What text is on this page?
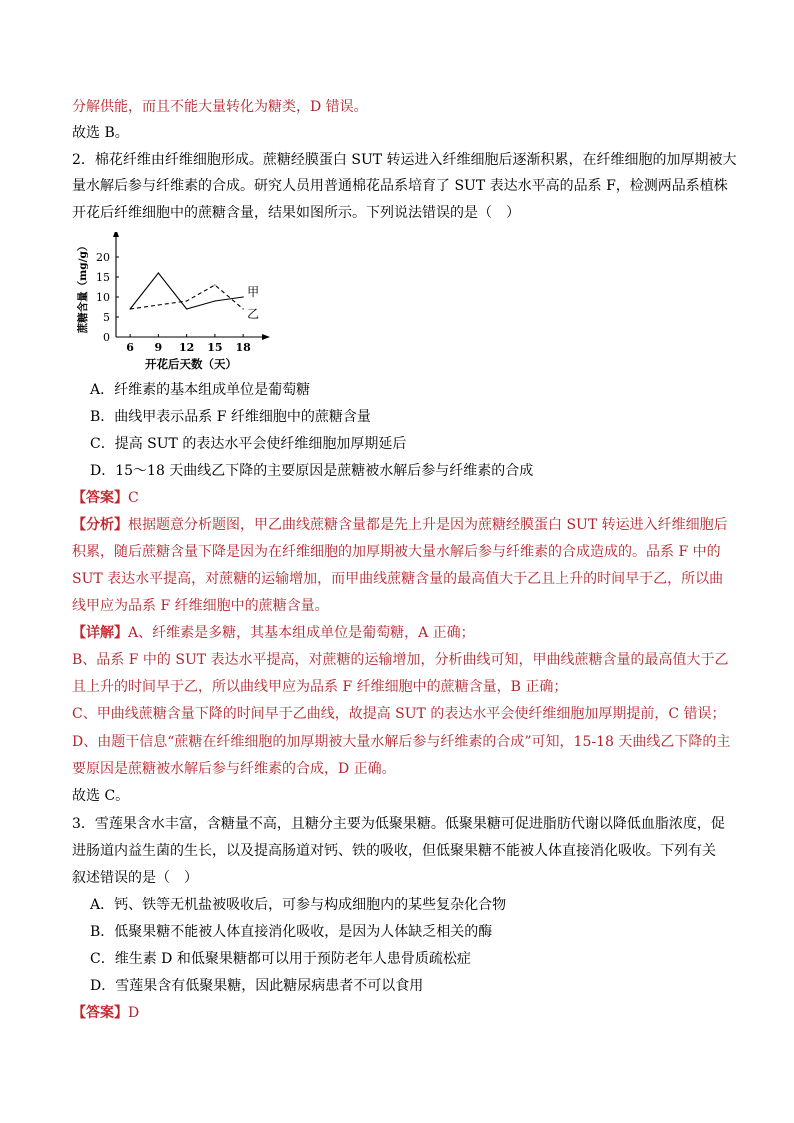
分解供能，而且不能大量转化为糖类，D 错误。
故选 B。
2．棉花纤维由纤维细胞形成。蔗糖经膜蛋白 SUT 转运进入纤维细胞后逐渐积累，在纤维细胞的加厚期被大
量水解后参与纤维素的合成。研究人员用普通棉花品系培育了 SUT 表达水平高的品系 F，检测两品系植株
开花后纤维细胞中的蔗糖含量，结果如图所示。下列说法错误的是（　）
0
5
10
15
20
6 9 12 15 18
开花后天数（天）
蔗糖含量（mg/g）	甲
乙
A．纤维素的基本组成单位是葡萄糖
B．曲线甲表示品系 F 纤维细胞中的蔗糖含量
C．提高 SUT 的表达水平会使纤维细胞加厚期延后
D．15～18 天曲线乙下降的主要原因是蔗糖被水解后参与纤维素的合成
【答案】C
【分析】根据题意分析题图，甲乙曲线蔗糖含量都是先上升是因为蔗糖经膜蛋白 SUT 转运进入纤维细胞后
积累，随后蔗糖含量下降是因为在纤维细胞的加厚期被大量水解后参与纤维素的合成造成的。品系 F 中的
SUT 表达水平提高，对蔗糖的运输增加，而甲曲线蔗糖含量的最高值大于乙且上升的时间早于乙，所以曲
线甲应为品系 F 纤维细胞中的蔗糖含量。
【详解】A、纤维素是多糖，其基本组成单位是葡萄糖，A 正确；
B、品系 F 中的 SUT 表达水平提高，对蔗糖的运输增加，分析曲线可知，甲曲线蔗糖含量的最高值大于乙
且上升的时间早于乙，所以曲线甲应为品系 F 纤维细胞中的蔗糖含量，B 正确；
C、甲曲线蔗糖含量下降的时间早于乙曲线，故提高 SUT 的表达水平会使纤维细胞加厚期提前，C 错误；
D、由题干信息“蔗糖在纤维细胞的加厚期被大量水解后参与纤维素的合成”可知，15-18 天曲线乙下降的主
要原因是蔗糖被水解后参与纤维素的合成，D 正确。
故选 C。
3．雪莲果含水丰富，含糖量不高，且糖分主要为低聚果糖。低聚果糖可促进脂肪代谢以降低血脂浓度，促
进肠道内益生菌的生长，以及提高肠道对钙、铁的吸收，但低聚果糖不能被人体直接消化吸收。下列有关
叙述错误的是（　）
A．钙、铁等无机盐被吸收后，可参与构成细胞内的某些复杂化合物
B．低聚果糖不能被人体直接消化吸收，是因为人体缺乏相关的酶
C．维生素 D 和低聚果糖都可以用于预防老年人患骨质疏松症
D．雪莲果含有低聚果糖，因此糖尿病患者不可以食用
【答案】D
